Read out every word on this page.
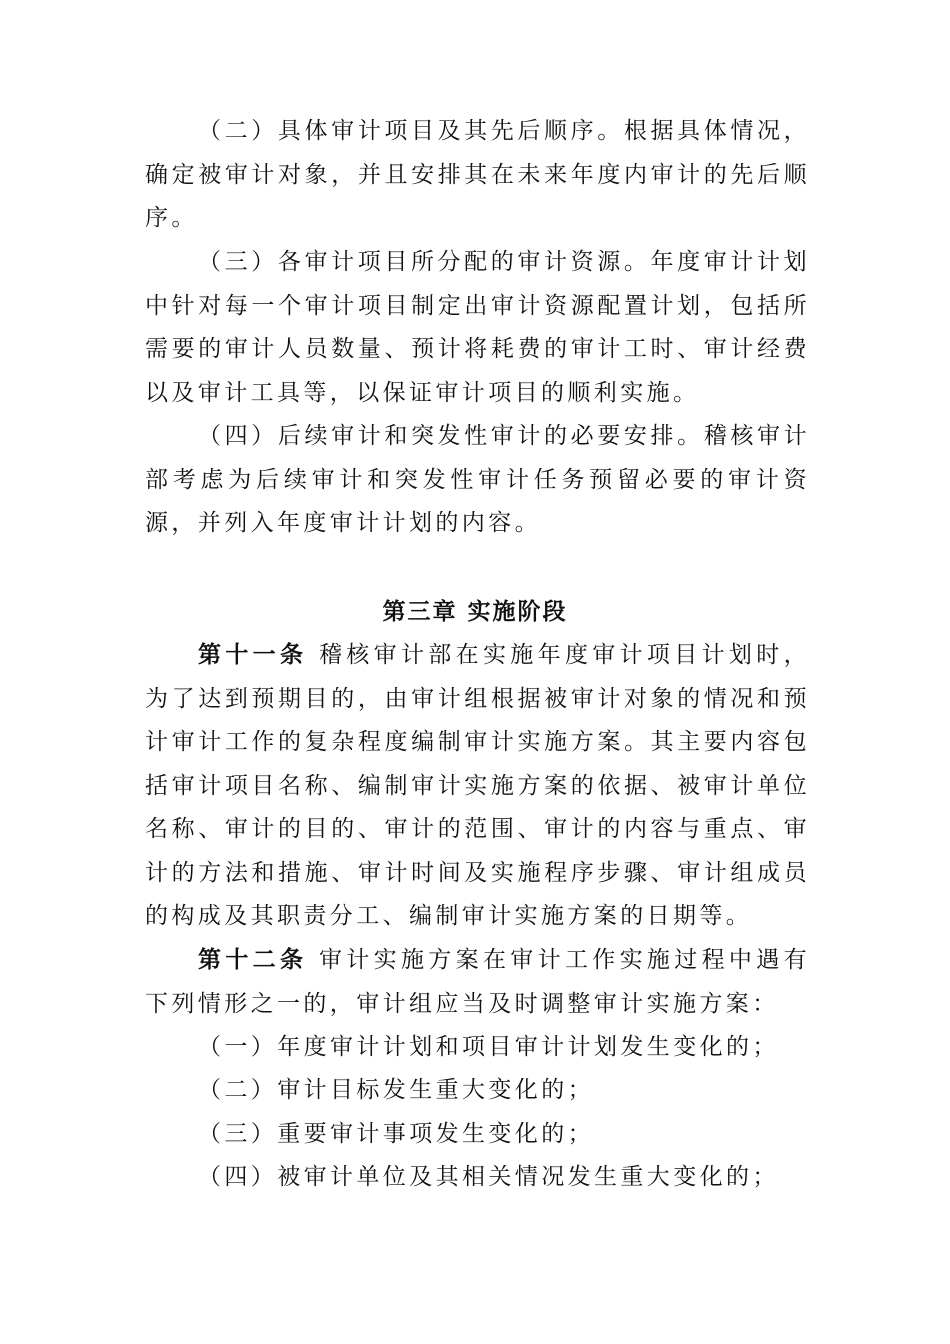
（二）具体审计项目及其先后顺序。根据具体情况，确定被审计对象，并且安排其在未来年度内审计的先后顺序。

（三）各审计项目所分配的审计资源。年度审计计划中针对每一个审计项目制定出审计资源配置计划，包括所需要的审计人员数量、预计将耗费的审计工时、审计经费以及审计工具等，以保证审计项目的顺利实施。

（四）后续审计和突发性审计的必要安排。稽核审计部考虑为后续审计和突发性审计任务预留必要的审计资源，并列入年度审计计划的内容。

第三章 实施阶段

第十一条 稽核审计部在实施年度审计项目计划时，为了达到预期目的，由审计组根据被审计对象的情况和预计审计工作的复杂程度编制审计实施方案。其主要内容包括审计项目名称、编制审计实施方案的依据、被审计单位名称、审计的目的、审计的范围、审计的内容与重点、审计的方法和措施、审计时间及实施程序步骤、审计组成员的构成及其职责分工、编制审计实施方案的日期等。

第十二条 审计实施方案在审计工作实施过程中遇有下列情形之一的，审计组应当及时调整审计实施方案：

（一）年度审计计划和项目审计计划发生变化的；

（二）审计目标发生重大变化的；

（三）重要审计事项发生变化的；

（四）被审计单位及其相关情况发生重大变化的；
